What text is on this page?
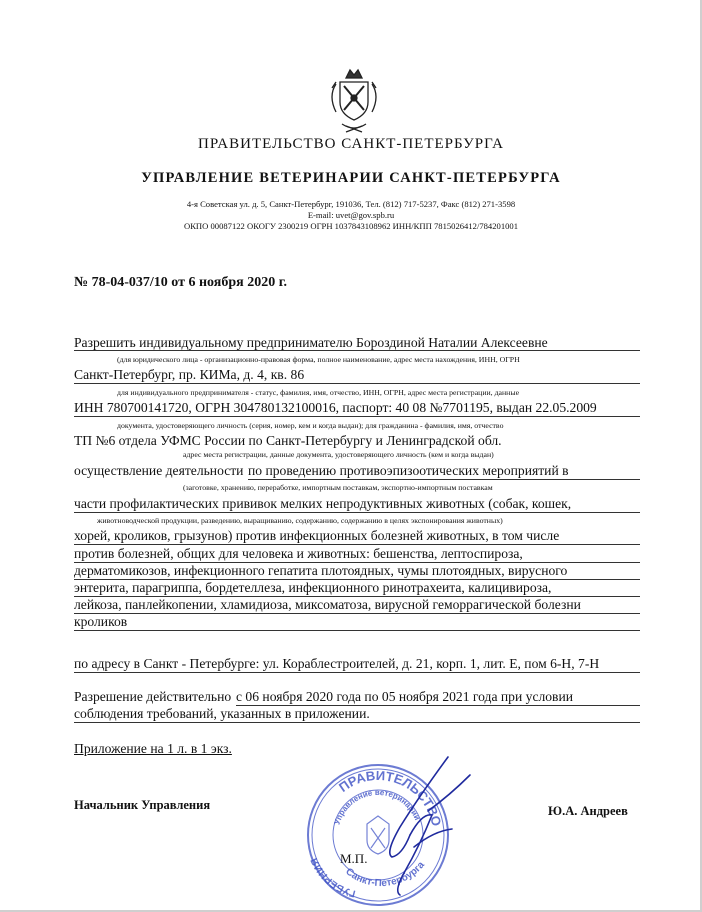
ПРАВИТЕЛЬСТВО САНКТ-ПЕТЕРБУРГА
УПРАВЛЕНИЕ ВЕТЕРИНАРИИ САНКТ-ПЕТЕРБУРГА
4-я Советская ул. д. 5, Санкт-Петербург, 191036, Тел. (812) 717-5237, Факс (812) 271-3598
E-mail: uvet@gov.spb.ru
ОКПО 00087122 ОКОГУ 2300219 ОГРН 1037843108962 ИНН/КПП 7815026412/784201001
№ 78-04-037/10 от 6 ноября 2020 г.
Разрешить индивидуальному предпринимателю Бороздиной Наталии Алексеевне
(для юридического лица - организационно-правовая форма, полное наименование, адрес места нахождения, ИНН, ОГРН
Санкт-Петербург, пр. КИМа, д. 4, кв. 86
для индивидуального предпринимателя - статус, фамилия, имя, отчество, ИНН, ОГРН, адрес места регистрации, данные
ИНН 780700141720, ОГРН 304780132100016, паспорт: 40 08 №7701195, выдан 22.05.2009
документа, удостоверяющего личность (серия, номер, кем и когда выдан); для гражданина - фамилия, имя, отчество
ТП №6 отдела УФМС России по Санкт-Петербургу и Ленинградской обл.
адрес места регистрации, данные документа, удостоверяющего личность (кем и когда выдан)
осуществление деятельности по проведению противоэпизоотических мероприятий в
(заготовке, хранению, переработке, импортным поставкам, экспортно-импортным поставкам
части профилактических прививок мелких непродуктивных животных (собак, кошек,
животноводческой продукции, разведению, выращиванию, содержанию, содержанию в целях экспонирования животных)
хорей, кроликов, грызунов) против инфекционных болезней животных, в том числе
против болезней, общих для человека и животных: бешенства, лептоспироза,
дерматомикозов, инфекционного гепатита плотоядных, чумы плотоядных, вирусного
энтерита, парагриппа, бордетеллеза, инфекционного ринотрахеита, калицивироза,
лейкоза, панлейкопении, хламидиоза, миксоматоза, вирусной геморрагической болезни
кроликов
по адресу в Санкт - Петербурге: ул. Кораблестроителей, д. 21, корп. 1, лит. Е, пом 6-Н, 7-Н
Разрешение действительно с 06 ноября 2020 года по 05 ноября 2021 года при условии
соблюдения требований, указанных в приложении.
Приложение на 1 л. в 1 экз.
Начальник Управления	Ю.А. Андреев
ПРАВИТЕЛЬСТВО
ГУБЕРНИЯ
Санкт-Петербурга
Управление ветеринарии
М.П.
